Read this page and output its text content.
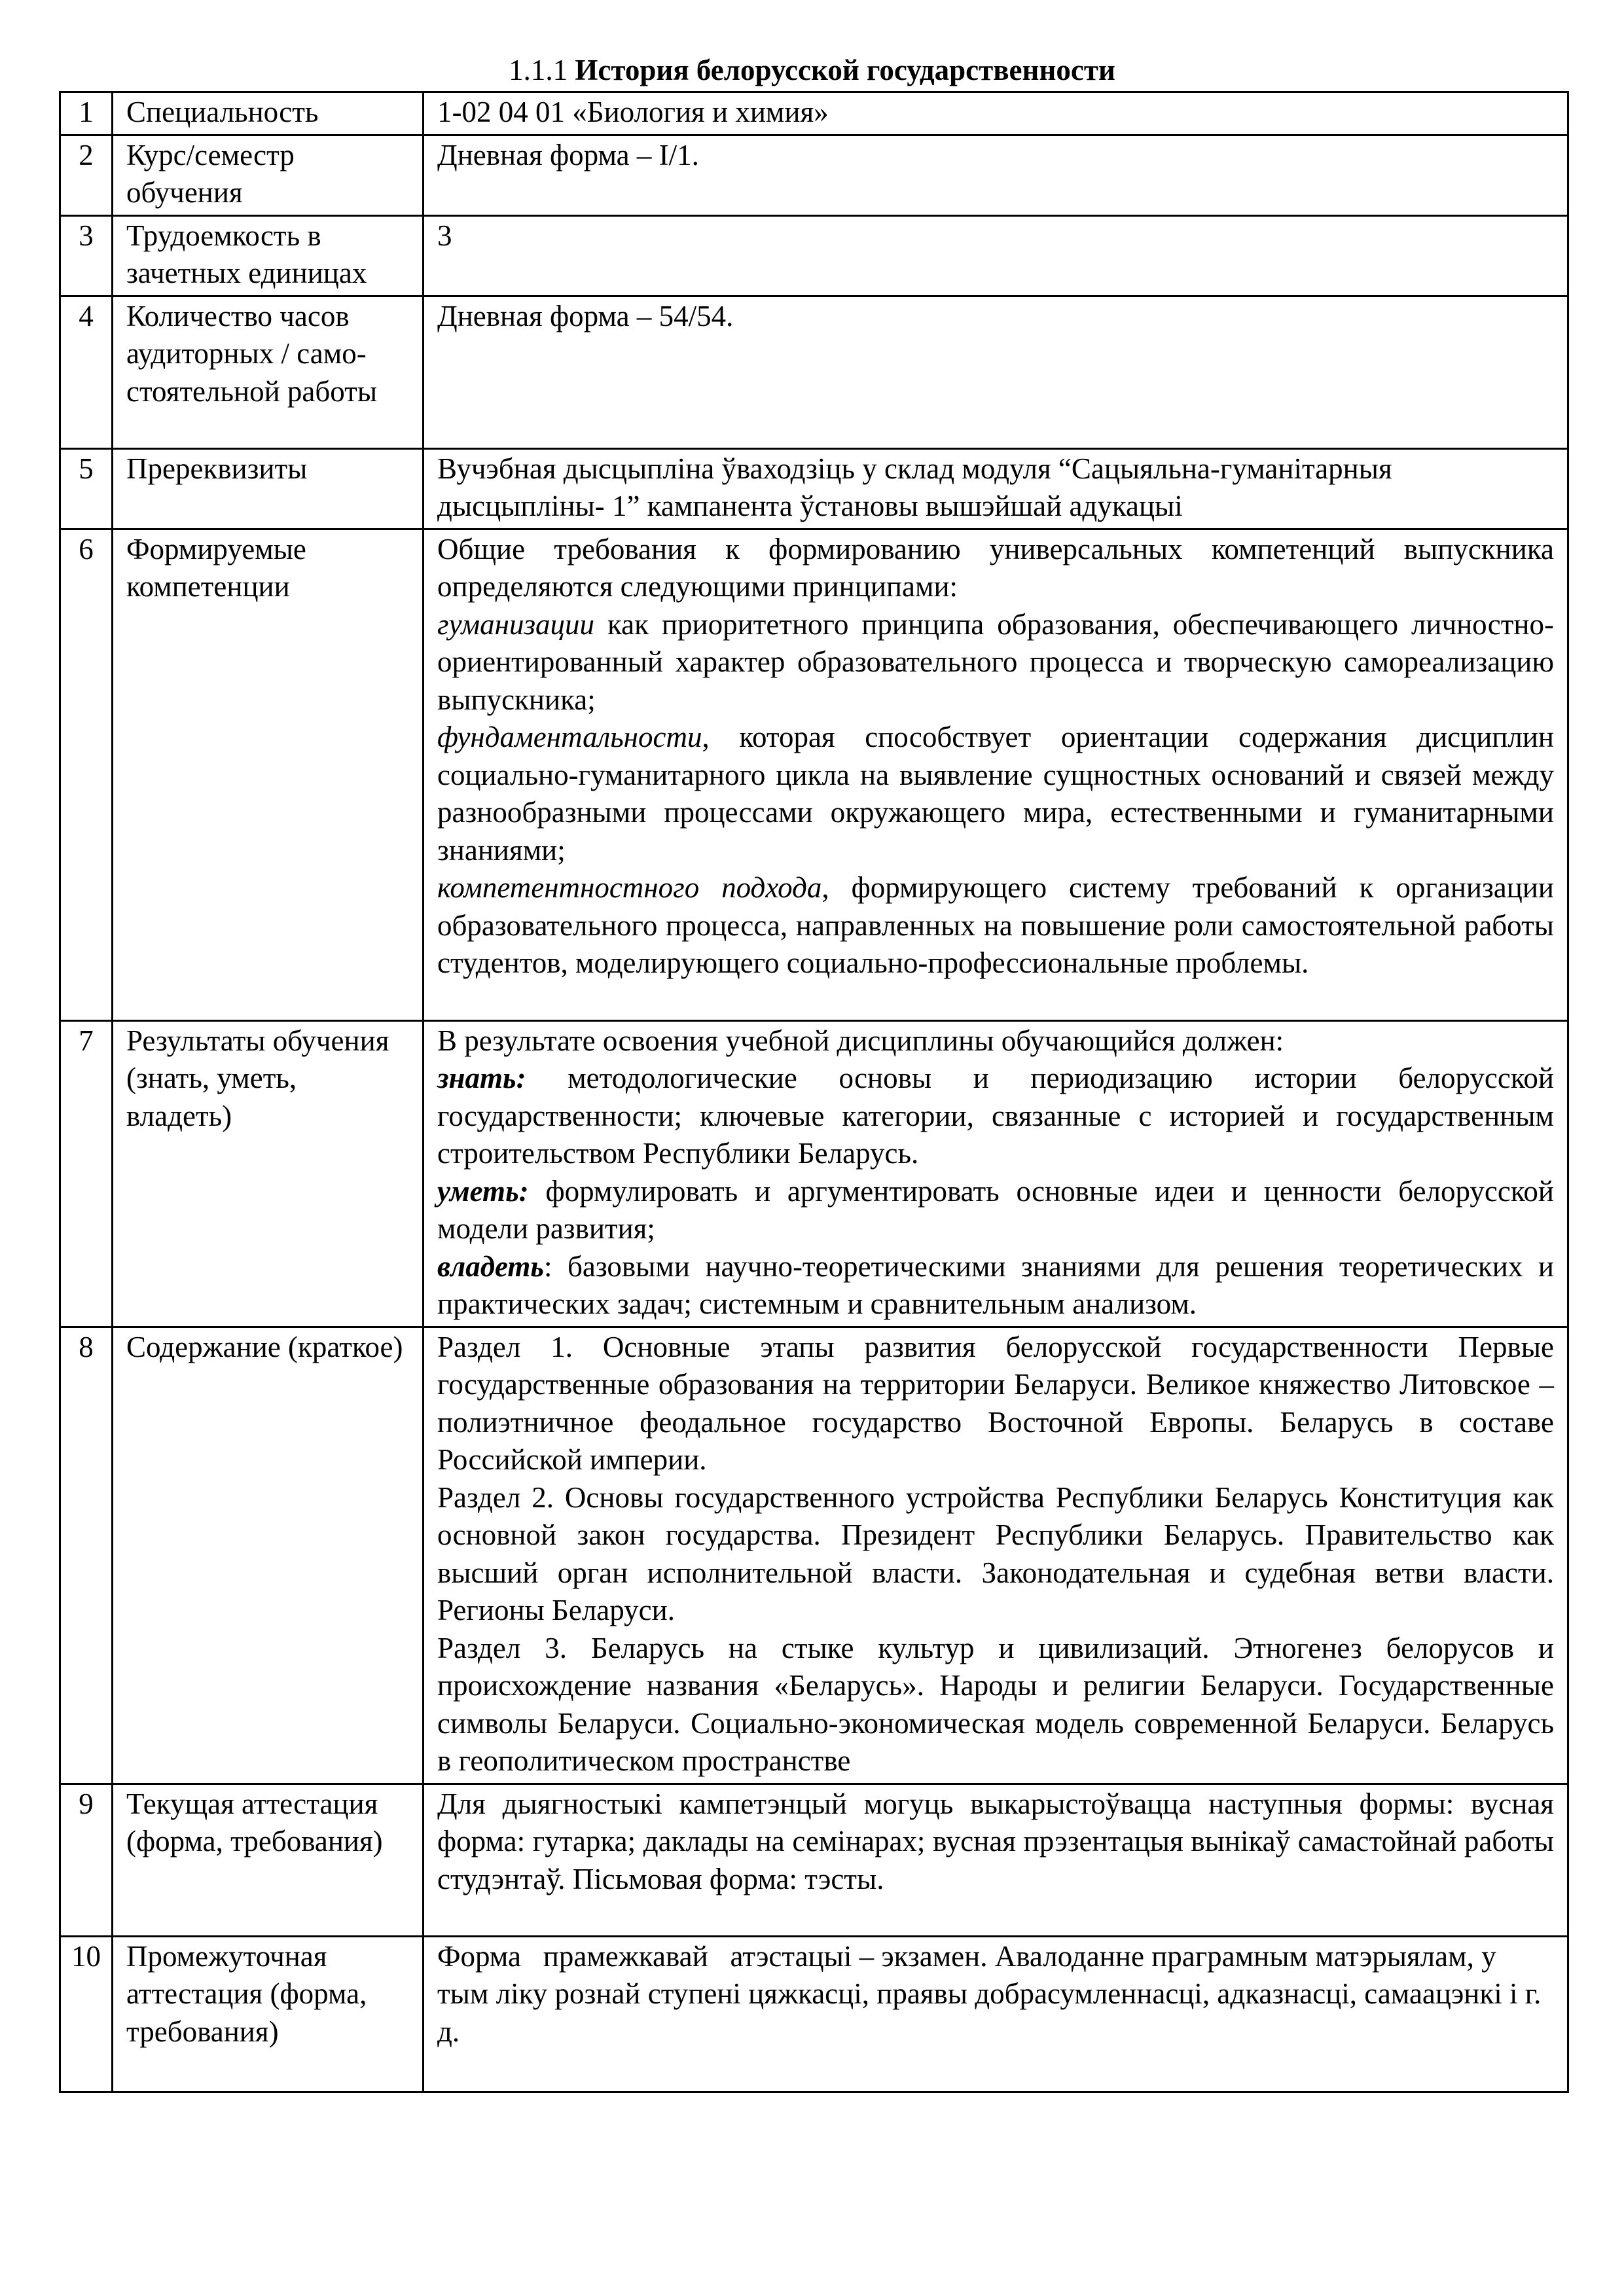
1.1.1 История белорусской государственности
1	Специальность	1-02 04 01 «Биология и химия»

2	Курс/семестр обучения	Дневная форма – I/1.

3	Трудоемкость в зачетных единицах	3

4	Количество часов аудиторных / само-стоятельной работы	Дневная форма – 54/54.

5	Пререквизиты	Вучэбная дысцыпліна ўваходзіць у склад модуля “Сацыяльна-гуманітарныя дысцыпліны- 1” кампанента ўстановы вышэйшай адукацыі

6	Формируемые компетенции	Общие требования к формированию универсальных компетенций выпускника определяются следующими принципами:

гуманизации как приоритетного принципа образования, обеспечивающего личностно-ориентированный характер образовательного процесса и творческую самореализацию выпускника;

фундаментальности, которая способствует ориентации содержания дисциплин социально-гуманитарного цикла на выявление сущностных оснований и связей между разнообразными процессами окружающего мира, естественными и гуманитарными знаниями;

компетентностного подхода, формирующего систему требований к организации образовательного процесса, направленных на повышение роли самостоятельной работы студентов, моделирующего социально-профессиональные проблемы.

7	Результаты обучения (знать, уметь, владеть)	В результате освоения учебной дисциплины обучающийся должен:

знать: методологические основы и периодизацию истории белорусской государственности; ключевые категории, связанные с историей и государственным строительством Республики Беларусь.

уметь: формулировать и аргументировать основные идеи и ценности белорусской модели развития;

владеть: базовыми научно-теоретическими знаниями для решения теоретических и практических задач; системным и сравнительным анализом.

8	Содержание (краткое)	Раздел 1. Основные этапы развития белорусской государственности Первые государственные образования на территории Беларуси. Великое княжество Литовское – полиэтничное феодальное государство Восточной Европы. Беларусь в составе Российской империи.

Раздел 2. Основы государственного устройства Республики Беларусь Конституция как основной закон государства. Президент Республики Беларусь. Правительство как высший орган исполнительной власти. Законодательная и судебная ветви власти. Регионы Беларуси.

Раздел 3. Беларусь на стыке культур и цивилизаций. Этногенез белорусов и происхождение названия «Беларусь». Народы и религии Беларуси. Государственные символы Беларуси. Социально-экономическая модель современной Беларуси. Беларусь в геополитическом пространстве

9	Текущая аттестация (форма, требования)	Для дыягностыкі кампетэнцый могуць выкарыстоўвацца наступныя формы: вусная форма: гутарка; даклады на семінарах; вусная прэзентацыя вынікаў самастойнай работы студэнтаў. Пісьмовая форма: тэсты.

10	Промежуточная аттестация (форма, требования)	Форма   прамежкавай   атэстацыі – экзамен. Авалоданне праграмным матэрыялам, у тым ліку рознай ступені цяжкасці, праявы добрасумленнасці, адказнасці, самаацэнкі і г. д.
